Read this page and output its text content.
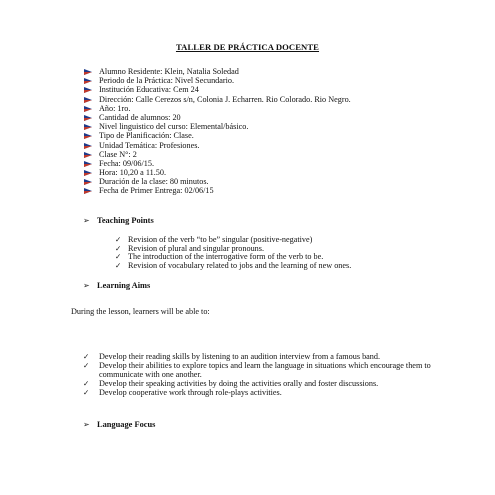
TALLER DE PRÁCTICA DOCENTE
Alumno Residente: Klein, Natalia Soledad
Periodo de la Práctica: Nivel Secundario.
Institución Educativa: Cem 24
Dirección: Calle Cerezos s/n, Colonia J. Echarren. Rio Colorado. Rio Negro.
Año: 1ro.
Cantidad de alumnos: 20
Nivel linguistico del curso: Elemental/básico.
Tipo de Planificación: Clase.
Unidad Temática: Profesiones.
Clase N°: 2
Fecha: 09/06/15.
Hora: 10,20 a 11.50.
Duración de la clase: 80 minutos.
Fecha de Primer Entrega: 02/06/15
➢ Teaching Points
✓ Revision of the verb “to be” singular (positive-negative)
✓ Revision of plural and singular pronouns.
✓ The introduction of the interrogative form of the verb to be.
✓ Revision of vocabulary related to jobs and the learning of new ones.
➢ Learning Aims
During the lesson, learners will be able to:
✓ Develop their reading skills by listening to an audition interview from a famous band.
✓ Develop their abilities to explore topics and learn the language in situations which encourage them to communicate with one another.
✓ Develop their speaking activities by doing the activities orally and foster discussions.
✓ Develop cooperative work through role-plays activities.
➢ Language Focus
